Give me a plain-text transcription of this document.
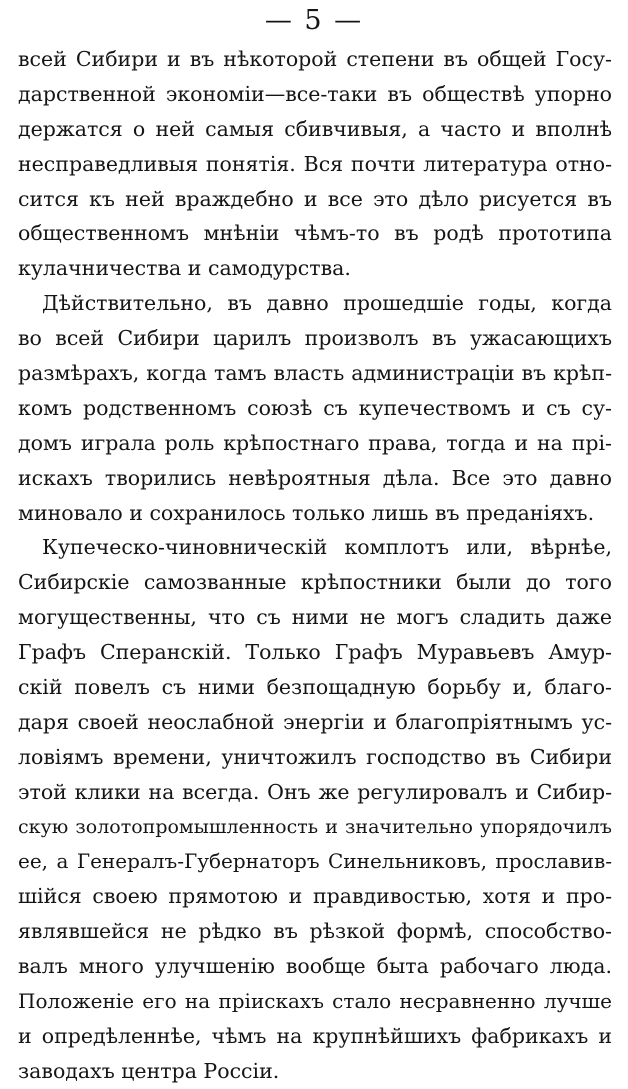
— 5 —
всей Сибири и въ нѣкоторой степени въ общей Госу-
дарственной экономіи—все-таки въ обществѣ упорно
держатся о ней самыя сбивчивыя, а часто и вполнѣ
несправедливыя понятія. Вся почти литература отно-
сится къ ней враждебно и все это дѣло рисуется въ
общественномъ мнѣніи чѣмъ-то въ родѣ прототипа
кулачничества и самодурства.
Дѣйствительно, въ давно прошедшіе годы, когда
во всей Сибири царилъ произволъ въ ужасающихъ
размѣрахъ, когда тамъ власть администраціи въ крѣп-
комъ родственномъ союзѣ съ купечествомъ и съ су-
домъ играла роль крѣпостнаго права, тогда и на прі-
искахъ творились невѣроятныя дѣла. Все это давно
миновало и сохранилось только лишь въ преданіяхъ.
Купеческо-чиновническій комплотъ или, вѣрнѣе,
Сибирскіе самозванные крѣпостники были до того
могущественны, что съ ними не могъ сладить даже
Графъ Сперанскій. Только Графъ Муравьевъ Амур-
скій повелъ съ ними безпощадную борьбу и, благо-
даря своей неослабной энергіи и благопріятнымъ ус-
ловіямъ времени, уничтожилъ господство въ Сибири
этой клики на всегда. Онъ же регулировалъ и Сибир-
скую золотопромышленность и значительно упорядочилъ
ее, а Генералъ-Губернаторъ Синельниковъ, прославив-
шійся своею прямотою и правдивостью, хотя и про-
являвшейся не рѣдко въ рѣзкой формѣ, способство-
валъ много улучшенію вообще быта рабочаго люда.
Положеніе его на пріискахъ стало несравненно лучше
и опредѣленнѣе, чѣмъ на крупнѣйшихъ фабрикахъ и
заводахъ центра Россіи.
